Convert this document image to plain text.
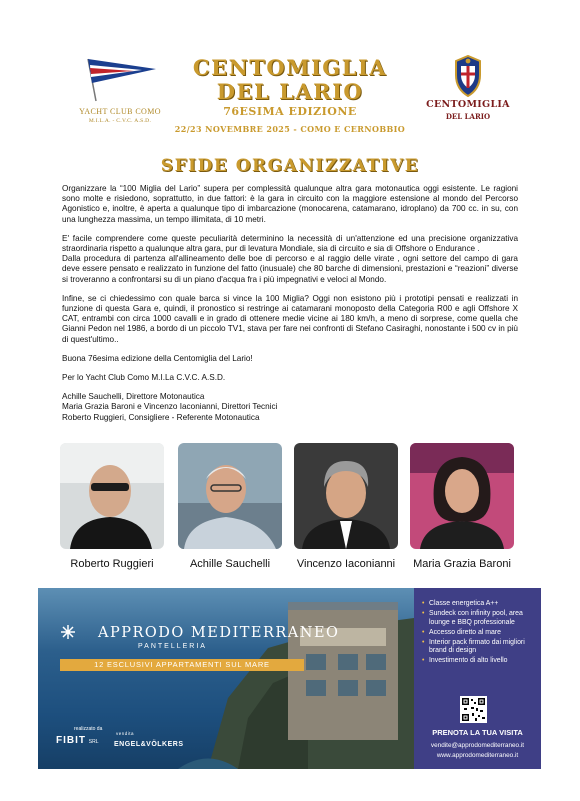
YACHT CLUB COMO
M.I.L.A. - C.V.C. A.S.D.
CENTOMIGLIA
DEL LARIO
76ESIMA EDIZIONE
22/23 NOVEMBRE 2025 - COMO E CERNOBBIO
CENTOMIGLIA
DEL LARIO
SFIDE ORGANIZZATIVE

Organizzare la “100 Miglia del Lario” supera per complessità qualunque altra gara motonautica oggi esistente. Le ragioni sono molte e risiedono, soprattutto, in due fattori: è la gara in circuito con la maggiore estensione al mondo del Percorso Agonistico e, inoltre, è aperta a qualunque tipo di imbarcazione (monocarena, catamarano, idroplano) da 700 cc. in su, con una lunghezza massima, un tempo illimitata, di 10 metri.

E' facile comprendere come queste peculiarità determinino la necessità di un'attenzione ed una precisione organizzativa straordinaria rispetto a qualunque altra gara, pur di levatura Mondiale, sia di circuito e sia di Offshore o Endurance .

Dalla procedura di partenza all'allineamento delle boe di percorso e al raggio delle virate , ogni settore del campo di gara deve essere pensato e realizzato in funzione del fatto (inusuale) che 80 barche di dimensioni, prestazioni e “reazioni” diverse si troveranno a confrontarsi su di un piano d'acqua fra i più impegnativi e veloci al Mondo.

Infine, se ci chiedessimo con quale barca si vince la 100 Miglia? Oggi non esistono più i prototipi pensati e realizzati in funzione di questa Gara e, quindi, il pronostico si restringe ai catamarani monoposto della Categoria R00 e agli Offshore X CAT, entrambi con circa 1000 cavalli e in grado di ottenere medie vicine ai 180 km/h, a meno di sorprese, come quella che Gianni Pedon nel 1986, a bordo di un piccolo TV1, stava per fare nei confronti di Stefano Casiraghi, nonostante i 500 cv in più di quest'ultimo..

Buona 76esima edizione della Centomiglia del Lario!

Per lo Yacht Club Como M.I.La C.V.C. A.S.D.

Achille Sauchelli, Direttore Motonautica
Maria Grazia Baroni e Vincenzo Iaconianni, Direttori Tecnici
Roberto Ruggieri, Consigliere - Referente Motonautica
Roberto Ruggieri	Achille Sauchelli	Vincenzo Iaconianni Maria Grazia Baroni
APPRODO MEDITERRANEO
PANTELLERIA
12 ESCLUSIVI APPARTAMENTI SUL MARE
realizzato da
FIBIT SRL
vendita
ENGEL&VÖLKERS
• Classe energetica A++
• Sundeck con infinity pool, area lounge e BBQ professionale
• Accesso diretto al mare
• Interior pack firmato dai migliori brand di design
• Investimento di alto livello
PRENOTA LA TUA VISITA
vendite@approdomediterraneo.it
www.approdomediterraneo.it
